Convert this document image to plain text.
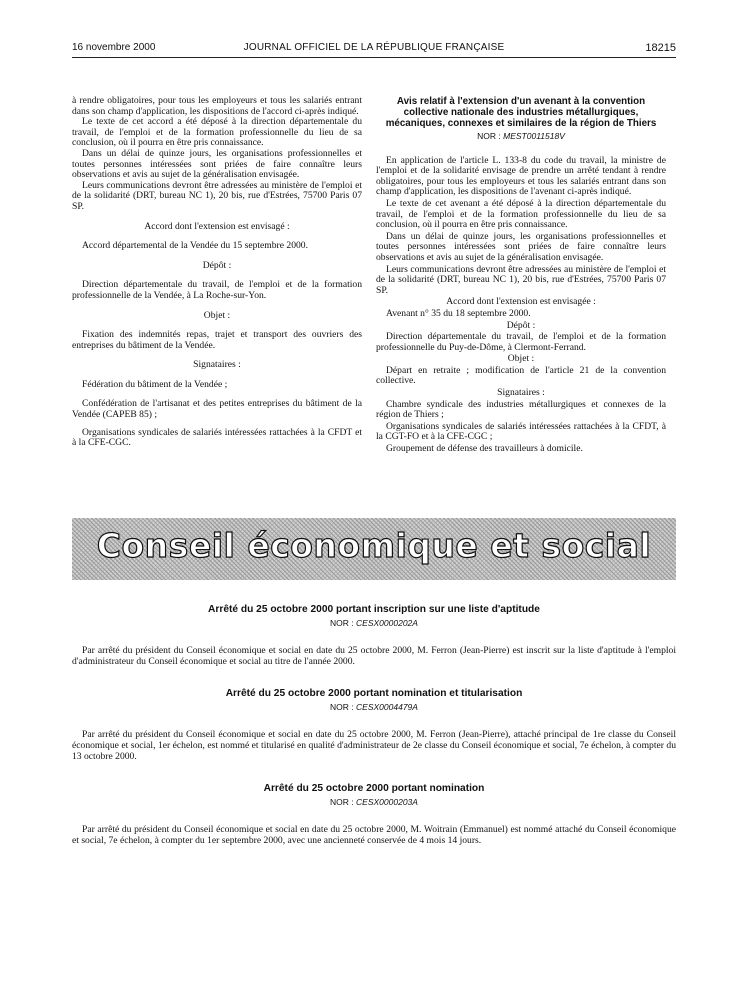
16 novembre 2000	JOURNAL OFFICIEL DE LA RÉPUBLIQUE FRANÇAISE	18215

à rendre obligatoires, pour tous les employeurs et tous les salariés entrant dans son champ d'application, les dispositions de l'accord ci-après indiqué.

Le texte de cet accord a été déposé à la direction départementale du travail, de l'emploi et de la formation professionnelle du lieu de sa conclusion, où il pourra en être pris connaissance.

Dans un délai de quinze jours, les organisations professionnelles et toutes personnes intéressées sont priées de faire connaître leurs observations et avis au sujet de la généralisation envisagée.

Leurs communications devront être adressées au ministère de l'emploi et de la solidarité (DRT, bureau NC 1), 20 bis, rue d'Estrées, 75700 Paris 07 SP.

Accord dont l'extension est envisagé :

Accord départemental de la Vendée du 15 septembre 2000.

Dépôt :

Direction départementale du travail, de l'emploi et de la formation professionnelle de la Vendée, à La Roche-sur-Yon.

Objet :

Fixation des indemnités repas, trajet et transport des ouvriers des entreprises du bâtiment de la Vendée.

Signataires :

Fédération du bâtiment de la Vendée ;

Confédération de l'artisanat et des petites entreprises du bâtiment de la Vendée (CAPEB 85) ;

Organisations syndicales de salariés intéressées rattachées à la CFDT et à la CFE-CGC.

Avis relatif à l'extension d'un avenant à la convention collective nationale des industries métallurgiques, mécaniques, connexes et similaires de la région de Thiers
NOR : MEST0011518V

En application de l'article L. 133-8 du code du travail, la ministre de l'emploi et de la solidarité envisage de prendre un arrêté tendant à rendre obligatoires, pour tous les employeurs et tous les salariés entrant dans son champ d'application, les dispositions de l'avenant ci-après indiqué.

Le texte de cet avenant a été déposé à la direction départementale du travail, de l'emploi et de la formation professionnelle du lieu de sa conclusion, où il pourra en être pris connaissance.

Dans un délai de quinze jours, les organisations professionnelles et toutes personnes intéressées sont priées de faire connaître leurs observations et avis au sujet de la généralisation envisagée.

Leurs communications devront être adressées au ministère de l'emploi et de la solidarité (DRT, bureau NC 1), 20 bis, rue d'Estrées, 75700 Paris 07 SP.

Accord dont l'extension est envisagée :

Avenant n° 35 du 18 septembre 2000.

Dépôt :

Direction départementale du travail, de l'emploi et de la formation professionnelle du Puy-de-Dôme, à Clermont-Ferrand.

Objet :

Départ en retraite ; modification de l'article 21 de la convention collective.

Signataires :

Chambre syndicale des industries métallurgiques et connexes de la région de Thiers ;

Organisations syndicales de salariés intéressées rattachées à la CFDT, à la CGT-FO et à la CFE-CGC ;

Groupement de défense des travailleurs à domicile.

Conseil économique et social
Arrêté du 25 octobre 2000 portant inscription sur une liste d'aptitude
NOR : CESX0000202A

Par arrêté du président du Conseil économique et social en date du 25 octobre 2000, M. Ferron (Jean-Pierre) est inscrit sur la liste d'aptitude à l'emploi d'administrateur du Conseil économique et social au titre de l'année 2000.

Arrêté du 25 octobre 2000 portant nomination et titularisation
NOR : CESX0004479A

Par arrêté du président du Conseil économique et social en date du 25 octobre 2000, M. Ferron (Jean-Pierre), attaché principal de 1re classe du Conseil économique et social, 1er échelon, est nommé et titularisé en qualité d'administrateur de 2e classe du Conseil économique et social, 7e échelon, à compter du 13 octobre 2000.

Arrêté du 25 octobre 2000 portant nomination
NOR : CESX0000203A

Par arrêté du président du Conseil économique et social en date du 25 octobre 2000, M. Woitrain (Emmanuel) est nommé attaché du Conseil économique et social, 7e échelon, à compter du 1er septembre 2000, avec une ancienneté conservée de 4 mois 14 jours.
